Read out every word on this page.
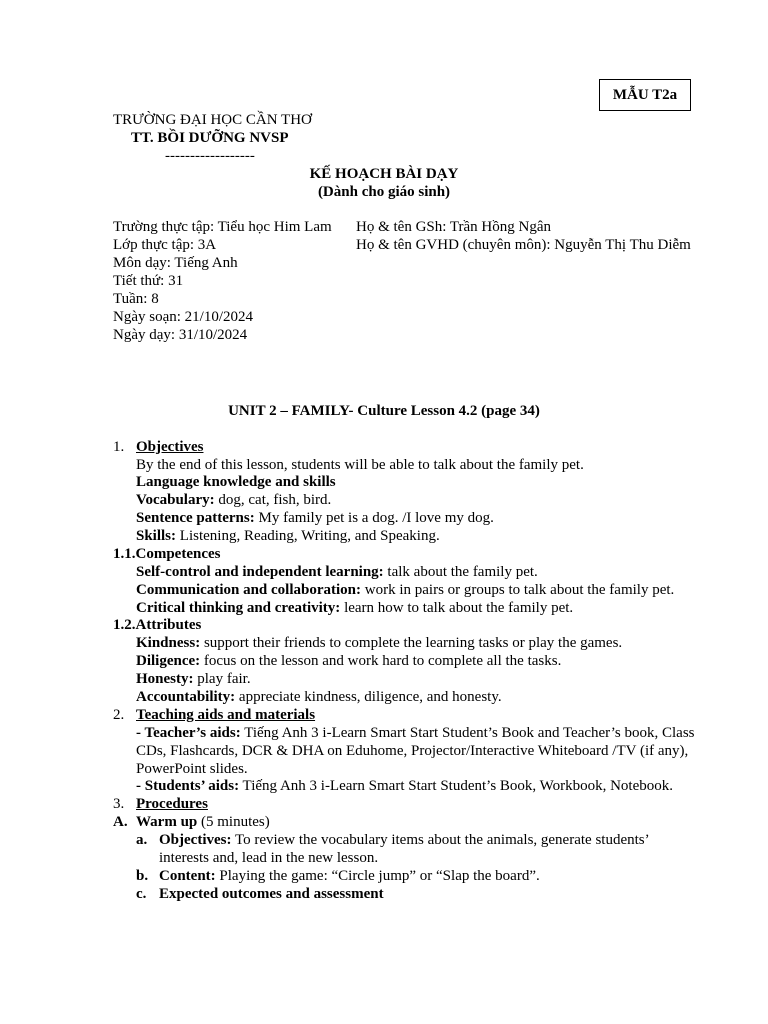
MẪU T2a
TRƯỜNG ĐẠI HỌC CẦN THƠ
TT. BỒI DƯỠNG NVSP
------------------
KẾ HOẠCH BÀI DẠY
(Dành cho giáo sinh)
Trường thực tập: Tiểu học Him Lam Họ & tên GSh: Trần Hồng Ngân
Lớp thực tập: 3A	Họ & tên GVHD (chuyên môn): Nguyễn Thị Thu Diễm
Môn dạy: Tiếng Anh
Tiết thứ: 31
Tuần: 8
Ngày soạn: 21/10/2024
Ngày dạy: 31/10/2024
UNIT 2 – FAMILY- Culture Lesson 4.2 (page 34)
1. Objectives
By the end of this lesson, students will be able to talk about the family pet.
Language knowledge and skills
Vocabulary: dog, cat, fish, bird.
Sentence patterns: My family pet is a dog. /I love my dog.
Skills: Listening, Reading, Writing, and Speaking.
1.1.Competences
Self-control and independent learning: talk about the family pet.
Communication and collaboration: work in pairs or groups to talk about the family pet.
Critical thinking and creativity: learn how to talk about the family pet.
1.2.Attributes
Kindness: support their friends to complete the learning tasks or play the games.
Diligence: focus on the lesson and work hard to complete all the tasks.
Honesty: play fair.
Accountability: appreciate kindness, diligence, and honesty.
2. Teaching aids and materials
- Teacher’s aids: Tiếng Anh 3 i-Learn Smart Start Student’s Book and Teacher’s book, Class CDs, Flashcards, DCR & DHA on Eduhome, Projector/Interactive Whiteboard /TV (if any), PowerPoint slides.
- Students’ aids: Tiếng Anh 3 i-Learn Smart Start Student’s Book, Workbook, Notebook.
3. Procedures
A. Warm up (5 minutes)
a. Objectives: To review the vocabulary items about the animals, generate students’ interests and, lead in the new lesson.
b. Content: Playing the game: “Circle jump” or “Slap the board”.
c. Expected outcomes and assessment
